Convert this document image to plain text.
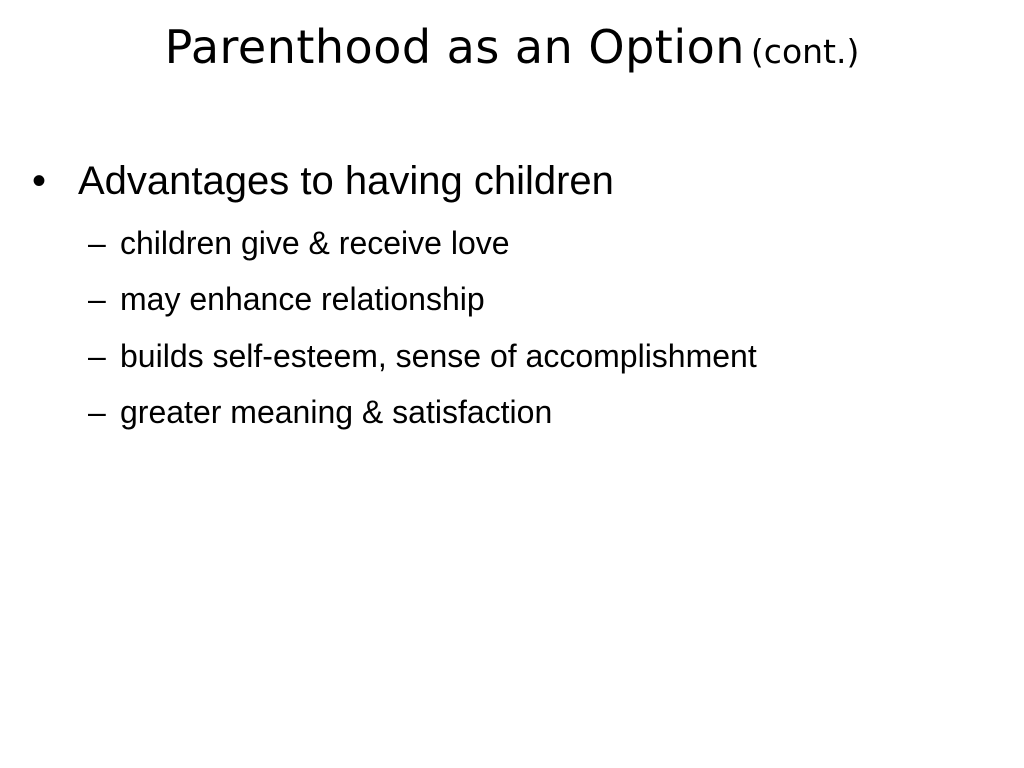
Parenthood as an Option (cont.)
• Advantages to having children
– children give & receive love
– may enhance relationship
– builds self-esteem, sense of accomplishment
– greater meaning & satisfaction
